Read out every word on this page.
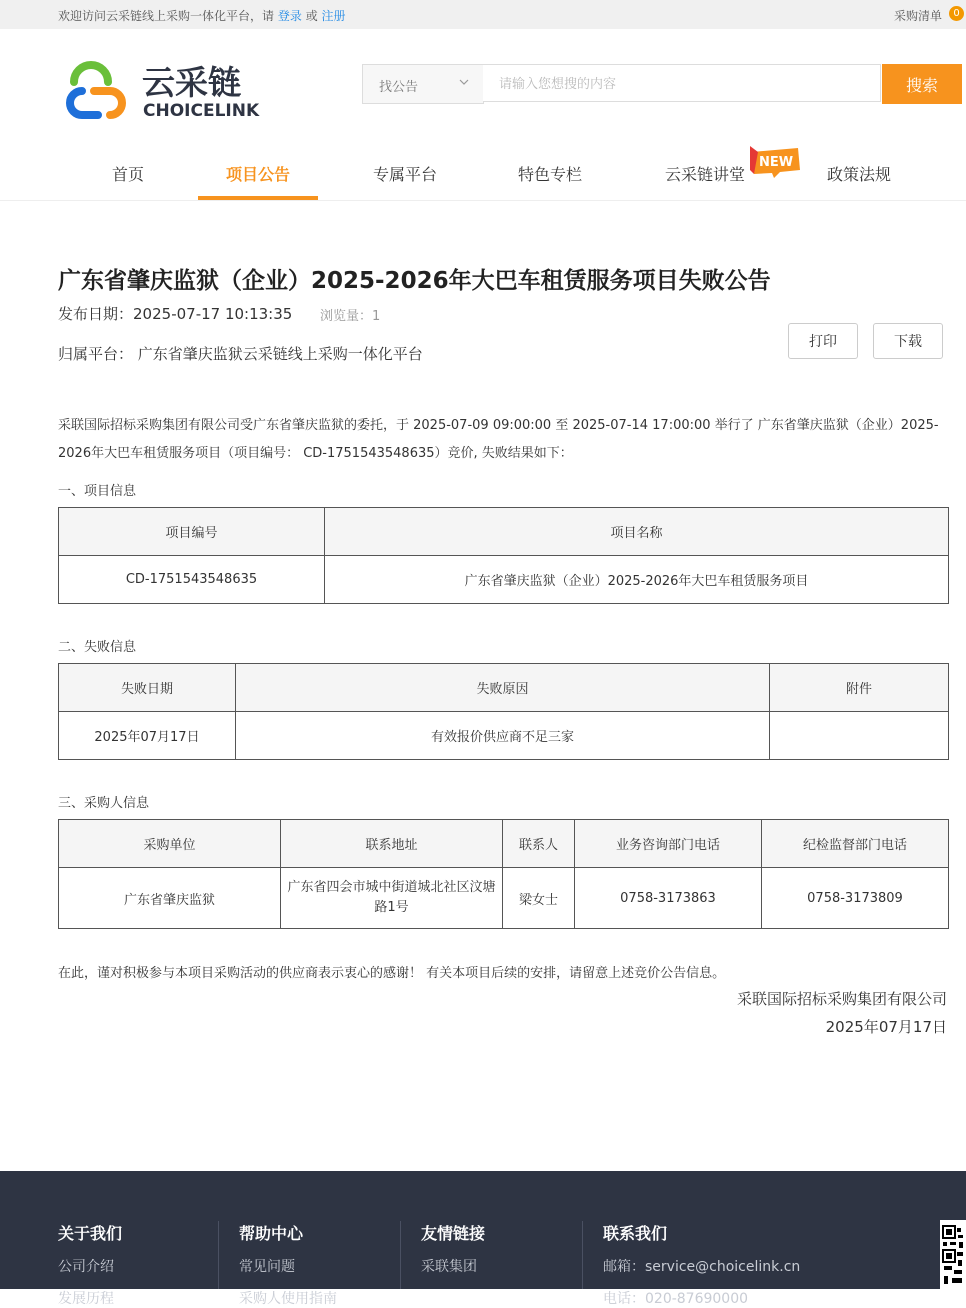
欢迎访问云采链线上采购一体化平台，请 登录 或 注册	采购清单	0
云采链
CHOICELINK
找公告
请输入您想搜的内容	搜索
首页	项目公告	专属平台	特色专栏	云采链讲堂	政策法规
NEW
广东省肇庆监狱（企业）2025-2026年大巴车租赁服务项目失败公告
发布日期：2025-07-17 10:13:35 浏览量：1
归属平台： 广东省肇庆监狱云采链线上采购一体化平台
打印	下载
采联国际招标采购集团有限公司受广东省肇庆监狱的委托，于 2025-07-09 09:00:00 至 2025-07-14 17:00:00 举行了 广东省肇庆监狱（企业）2025-2026年大巴车租赁服务项目（项目编号： CD-1751543548635）竞价, 失败结果如下：
一、项目信息
项目编号	项目名称
CD-1751543548635	广东省肇庆监狱（企业）2025-2026年大巴车租赁服务项目
二、失败信息
失败日期	失败原因	附件
2025年07月17日	有效报价供应商不足三家	
三、采购人信息
采购单位	联系地址	联系人	业务咨询部门电话	纪检监督部门电话
广东省肇庆监狱	广东省四会市城中街道城北社区汶塘路1号	梁女士	0758-3173863	0758-3173809
在此，谨对积极参与本项目采购活动的供应商表示衷心的感谢！ 有关本项目后续的安排，请留意上述竞价公告信息。
采联国际招标采购集团有限公司
2025年07月17日
关于我们
公司介绍
发展历程
帮助中心
常见问题
采购人使用指南
友情链接
采联集团
联系我们
邮箱：service@choicelink.cn
电话：020-87690000
